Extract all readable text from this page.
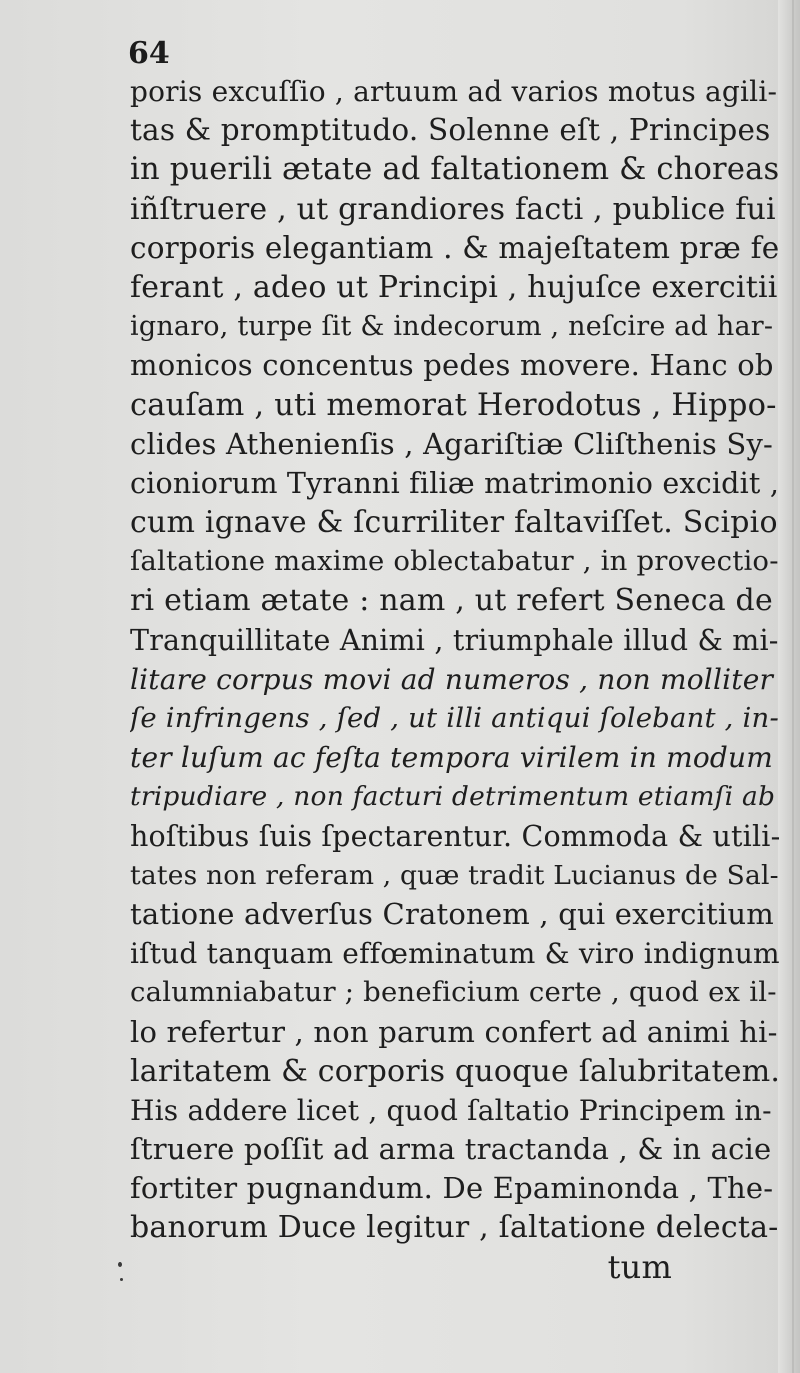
64
poris excuſſio , artuum ad varios motus agili-
tas & promptitudo. Solenne eſt , Principes
in puerili ætate ad faltationem & choreas
iñſtruere , ut grandiores facti , publice fui
corporis elegantiam . & majeſtatem præ fe
ferant , adeo ut Principi , hujuſce exercitii
ignaro, turpe ſit & indecorum , neſcire ad har-
monicos concentus pedes movere. Hanc ob
cauſam , uti memorat Herodotus , Hippo-
clides Athenienſis , Agariſtiæ Cliſthenis Sy-
cioniorum Tyranni filiæ matrimonio excidit ,
cum ignave & ſcurriliter faltaviſſet. Scipio
ſaltatione maxime oblectabatur , in provectio-
ri etiam ætate : nam , ut refert Seneca de
Tranquillitate Animi , triumphale illud & mi-
litare corpus movi ad numeros , non molliter
ſe infringens , ſed , ut illi antiqui ſolebant , in-
ter luſum ac feſta tempora virilem in modum
tripudiare , non facturi detrimentum etiamſi ab
hoſtibus ſuis ſpectarentur. Commoda & utili-
tates non referam , quæ tradit Lucianus de Sal-
tatione adverſus Cratonem , qui exercitium
iſtud tanquam effœminatum & viro indignum
calumniabatur ; beneficium certe , quod ex il-
lo refertur , non parum confert ad animi hi-
laritatem & corporis quoque ſalubritatem.
His addere licet , quod ſaltatio Principem in-
ſtruere poſſit ad arma tractanda , & in acie
fortiter pugnandum. De Epaminonda , The-
banorum Duce legitur , ſaltatione delecta-
tum
